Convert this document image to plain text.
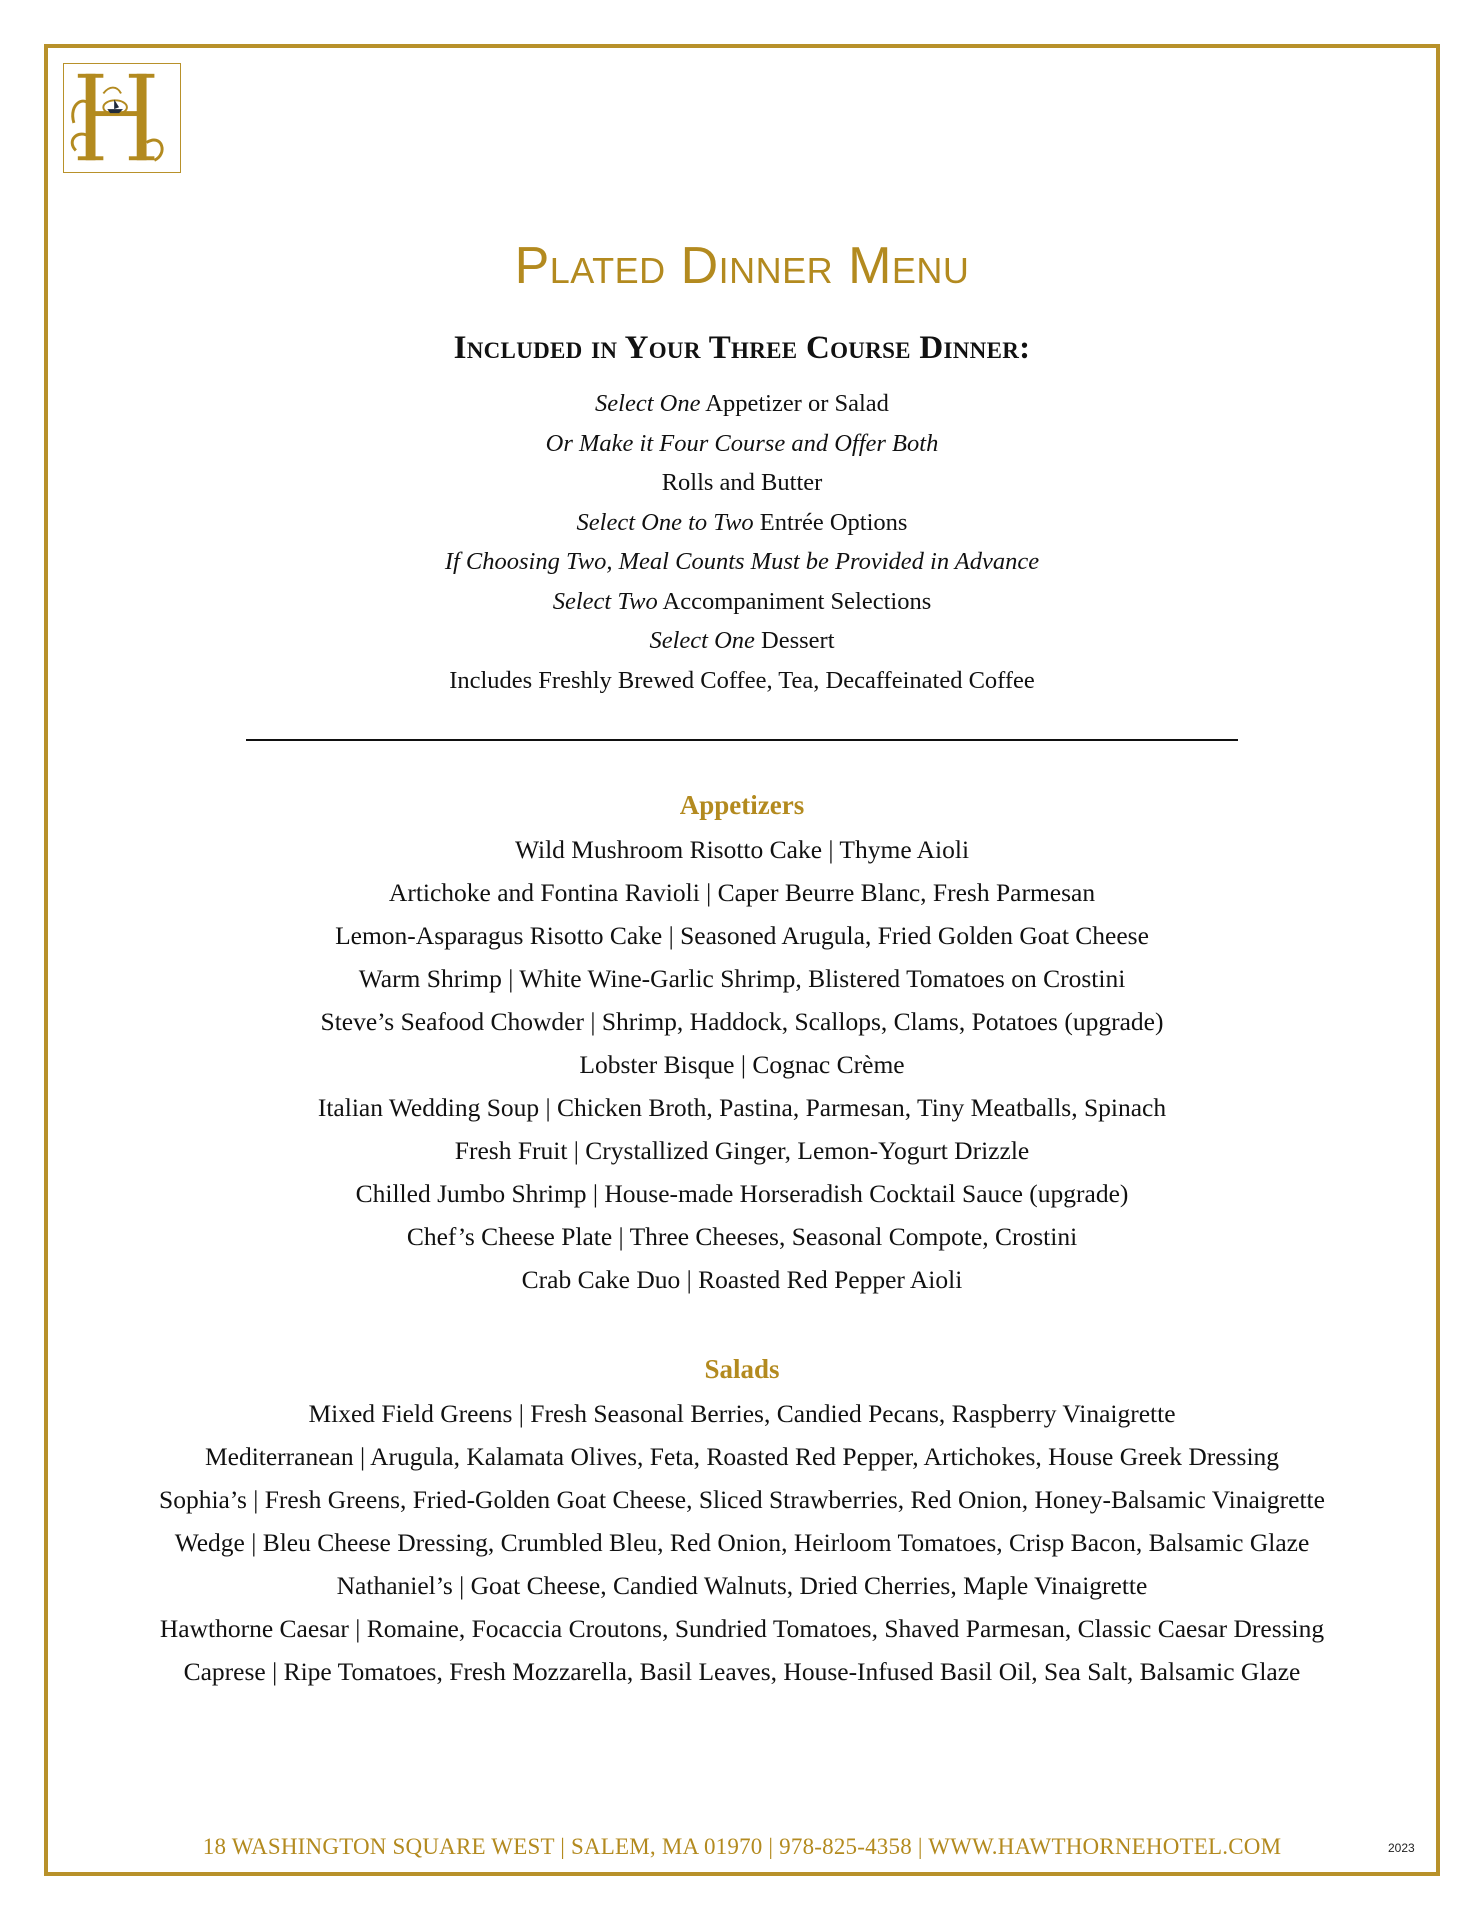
Plated Dinner Menu
Included in Your Three Course Dinner:
Select One Appetizer or Salad
Or Make it Four Course and Offer Both
Rolls and Butter
Select One to Two Entrée Options
If Choosing Two, Meal Counts Must be Provided in Advance
Select Two Accompaniment Selections
Select One Dessert
Includes Freshly Brewed Coffee, Tea, Decaffeinated Coffee
Appetizers
Wild Mushroom Risotto Cake | Thyme Aioli
Artichoke and Fontina Ravioli | Caper Beurre Blanc, Fresh Parmesan
Lemon-Asparagus Risotto Cake | Seasoned Arugula, Fried Golden Goat Cheese
Warm Shrimp | White Wine-Garlic Shrimp, Blistered Tomatoes on Crostini
Steve’s Seafood Chowder | Shrimp, Haddock, Scallops, Clams, Potatoes (upgrade)
Lobster Bisque | Cognac Crème
Italian Wedding Soup | Chicken Broth, Pastina, Parmesan, Tiny Meatballs, Spinach
Fresh Fruit | Crystallized Ginger, Lemon-Yogurt Drizzle
Chilled Jumbo Shrimp | House-made Horseradish Cocktail Sauce (upgrade)
Chef’s Cheese Plate | Three Cheeses, Seasonal Compote, Crostini
Crab Cake Duo | Roasted Red Pepper Aioli
Salads
Mixed Field Greens | Fresh Seasonal Berries, Candied Pecans, Raspberry Vinaigrette
Mediterranean | Arugula, Kalamata Olives, Feta, Roasted Red Pepper, Artichokes, House Greek Dressing
Sophia’s | Fresh Greens, Fried-Golden Goat Cheese, Sliced Strawberries, Red Onion, Honey-Balsamic Vinaigrette
Wedge | Bleu Cheese Dressing, Crumbled Bleu, Red Onion, Heirloom Tomatoes, Crisp Bacon, Balsamic Glaze
Nathaniel’s | Goat Cheese, Candied Walnuts, Dried Cherries, Maple Vinaigrette
Hawthorne Caesar | Romaine, Focaccia Croutons, Sundried Tomatoes, Shaved Parmesan, Classic Caesar Dressing
Caprese | Ripe Tomatoes, Fresh Mozzarella, Basil Leaves, House-Infused Basil Oil, Sea Salt, Balsamic Glaze
18 WASHINGTON SQUARE WEST | SALEM, MA 01970 | 978-825-4358 | WWW.HAWTHORNEHOTEL.COM	2023
